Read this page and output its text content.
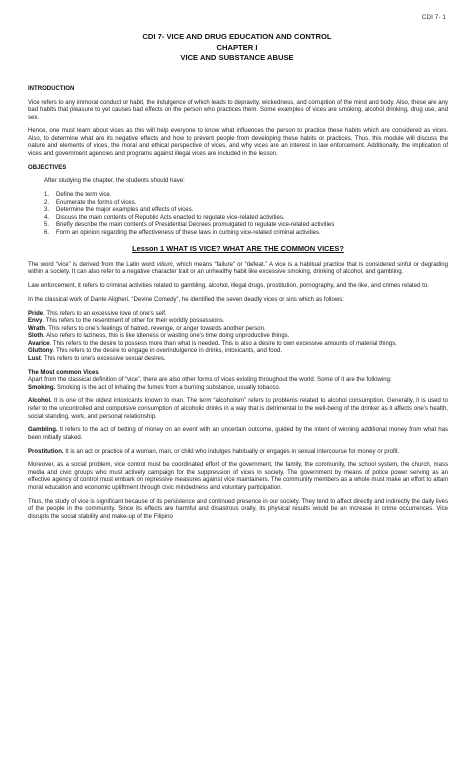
CDI 7- 1
CDI 7- VICE AND DRUG EDUCATION AND CONTROL
CHAPTER I
VICE AND SUBSTANCE ABUSE
INTRODUCTION

Vice refers to any immoral conduct or habit, the indulgence of which leads to depravity, wickedness, and corruption of the mind and body. Also, these are any bad habits that pleasure to yet causes bad effects on the person who practices them. Some examples of vices are smoking, alcohol drinking, drug use, and sex.

Hence, one must learn about vices as this will help everyone to know what influences the person to practice these habits which are considered as vices. Also, to determine what are its negative effects and how to prevent people from developing these habits or practices. Thus, this module will discuss the nature and elements of vices, the moral and ethical perspective of vices, and why vices are an interest in law enforcement. Additionally, the implication of vices and government agencies and programs against illegal vices are included in the lesson.

OBJECTIVES

After studying the chapter, the students should have:

1.	Define the term vice.
2.	Enumerate the forms of vices.
3.	Determine the major examples and effects of vices.
4.	Discuss the main contents of Republic Acts enacted to regulate vice-related activities.
5.	Briefly describe the main contents of Presidential Decrees promulgated to regulate vice-related activities
6.	Form an opinion regarding the effectiveness of these laws in curbing vice-related criminal activities.
Lesson 1 WHAT IS VICE? WHAT ARE THE COMMON VICES?

The word “vice” is derived from the Latin word vitium, which means “failure” or “defeat.” A vice is a habitual practice that is considered sinful or degrading within a society. It can also refer to a negative character trait or an unhealthy habit like excessive smoking, drinking of alcohol, and gambling.

Law enforcement, it refers to criminal activities related to gambling, alcohol, illegal drugs, prostitution, pornography, and the like, and crimes related to.

In the classical work of Dante Aligheri, “Devine Comedy”, he identified the seven deadly vices or sins which as follows:

Pride. This refers to an excessive love of one’s self.

Envy. This refers to the resentment of other for their worldly possessions.

Wrath. This refers to one’s feelings of hatred, revenge, or anger towards another person.

Sloth. Also refers to laziness, this is like idleness or wasting one’s time doing unproductive things.

Avarice. This refers to the desire to possess more than what is needed. This is also a desire to own excessive amounts of material things.

Gluttony. This refers to the desire to engage in overindulgence in drinks, intoxicants, and food.

Lust. This refers to one’s excessive sexual desires.

The Most common Vices

Apart from the classical definition of “vice”, there are also other forms of vices existing throughout the world. Some of it are the following:

Smoking. Smoking is the act of inhaling the fumes from a burning substance, usually tobacco.

Alcohol. It is one of the oldest intoxicants known to man. The term “alcoholism” refers to problems related to alcohol consumption. Generally, it is used to refer to the uncontrolled and compulsive consumption of alcoholic drinks in a way that is detrimental to the well-being of the drinker as it affects one’s health, social standing, work, and personal relationship.

Gambling. It refers to the act of betting of money on an event with an uncertain outcome, guided by the intent of winning additional money from what has been initially staked.

Prostitution. It is an act or practice of a woman, man, or child who indulges habitually or engages in sexual intercourse for money or profit.

Moreover, as a social problem, vice control must be coordinated effort of the government, the family, the community, the school system, the church, mass media and civic groups who must actively campaign for the suppression of vices in society. The government by means of police power serving as an effective agency of control must embark on repressive measures against vice maintainers. The community members as a whole must make an effort to attain moral education and economic upliftment through civic mindedness and voluntary participation.

Thus, the study of vice is significant because of its persistence and continued presence in our society. They tend to affect directly and indirectly the daily lives of the people in the community. Since its effects are harmful and disastrous orally, its physical results would be an increase in crime occurrences. Vice disrupts the social stability and make-up of the Filipino
